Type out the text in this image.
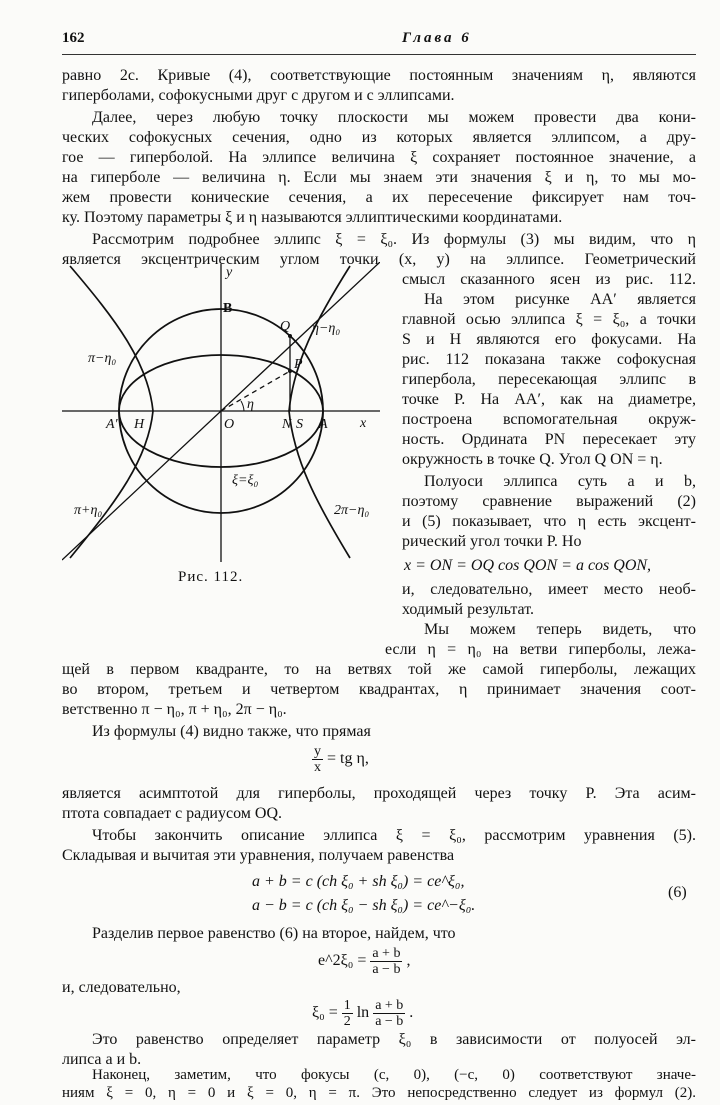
162	Глава 6
равно 2c. Кривые (4), соответствующие постоянным значениям η, являются
гиперболами, софокусными друг с другом и с эллипсами.
Далее, через любую точку плоскости мы можем провести два кони-
ческих софокусных сечения, одно из которых является эллипсом, а дру-
гое — гиперболой. На эллипсе величина ξ сохраняет постоянное значение, а
на гиперболе — величина η. Если мы знаем эти значения ξ и η, то мы мо-
жем провести конические сечения, а их пересечение фиксирует нам точ-
ку. Поэтому параметры ξ и η называются эллиптическими координатами.
Рассмотрим подробнее эллипс ξ = ξ₀. Из формулы (3) мы видим, что η
является эксцентрическим углом точки (x, y) на эллипсе. Геометрический
смысл сказанного ясен из рис. 112.
На этом рисунке AA′ является
главной осью эллипса ξ = ξ₀, а точки
S и H являются его фокусами. На
рис. 112 показана также софокусная
гипербола, пересекающая эллипс в
точке P. На AA′, как на диаметре,
построена вспомогательная окруж-
ность. Ордината PN пересекает эту
окружность в точке Q. Угол Q ON = η.
Полуоси эллипса суть a и b,
поэтому сравнение выражений (2)
и (5) показывает, что η есть эксцент-
рический угол точки P. Но
x = ON = OQ cos QON = a cos QON,
и, следовательно, имеет место необ-
ходимый результат.
Мы можем теперь видеть, что
если η = η₀ на ветви гиперболы, лежа-
y
x
B
Q
P
O	N S A
A′ H
η
ξ=ξ₀
η−η₀
π−η₀
π+η₀	2π−η₀
Рис. 112.
щей в первом квадранте, то на ветвях той же самой гиперболы, лежащих
во втором, третьем и четвертом квадрантах, η принимает значения соот-
ветственно π − η₀, π + η₀, 2π − η₀.
Из формулы (4) видно также, что прямая
$\frac{y}{x}$ = tg η,
является асимптотой для гиперболы, проходящей через точку P. Эта асим-
птота совпадает с радиусом OQ.
Чтобы закончить описание эллипса ξ = ξ₀, рассмотрим уравнения (5).
Складывая и вычитая эти уравнения, получаем равенства
a + b = c (ch ξ₀ + sh ξ₀) = ce^ξ₀,
a − b = c (ch ξ₀ − sh ξ₀) = ce^−ξ₀.
(6)
Разделив первое равенство (6) на второе, найдем, что
e^2ξ₀ = $\frac{a + b}{a - b}$ ,
и, следовательно,
$\xi_0 = \frac{1}{2}$ $\ln \frac{a + b}{a - b}$ .
Это равенство определяет параметр ξ₀ в зависимости от полуосей эл-
липса a и b.
Наконец, заметим, что фокусы (c, 0), (−c, 0) соответствуют значе-
ниям ξ = 0, η = 0 и ξ = 0, η = π. Это непосредственно следует из формул (2).
